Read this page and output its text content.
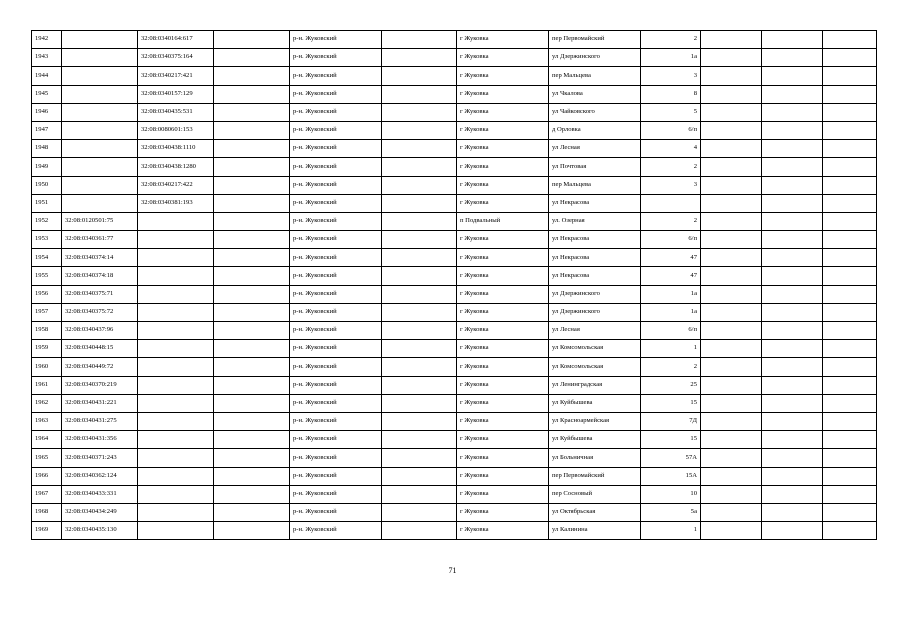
1942		32:08:0340164:617		р-н. Жуковский		г Жуковка	пер Первомайский	2			
1943		32:08:0340375:164		р-н. Жуковский		г Жуковка	ул Дзержинского	1а			
1944		32:08:0340217:421		р-н. Жуковский		г Жуковка	пер Мальцева	3			
1945		32:08:0340157:129		р-н. Жуковский		г Жуковка	ул Чкалова	8			
1946		32:08:0340435:531		р-н. Жуковский		г Жуковка	ул Чайковского	5			
1947		32:08:0080601:153		р-н. Жуковский		г Жуковка	д Орловка	6/п			
1948		32:08:0340438:1110		р-н. Жуковский		г Жуковка	ул Лесная	4			
1949		32:08:0340438:1280		р-н. Жуковский		г Жуковка	ул Почтовая	2			
1950		32:08:0340217:422		р-н. Жуковский		г Жуковка	пер Мальцева	3			
1951		32:08:0340381:193		р-н. Жуковский		г Жуковка	ул Некрасова				
1952	32:08:0120501:75			р-н. Жуковский		п Подвальный	ул. Озерная	2			
1953	32:08:0340361:77			р-н. Жуковский		г Жуковка	ул Некрасова	6/п			
1954	32:08:0340374:14			р-н. Жуковский		г Жуковка	ул Некрасова	47			
1955	32:08:0340374:18			р-н. Жуковский		г Жуковка	ул Некрасова	47			
1956	32:08:0340375:71			р-н. Жуковский		г Жуковка	ул Дзержинского	1а			
1957	32:08:0340375:72			р-н. Жуковский		г Жуковка	ул Дзержинского	1а			
1958	32:08:0340437:96			р-н. Жуковский		г Жуковка	ул Лесная	6/п			
1959	32:08:0340448:15			р-н. Жуковский		г Жуковка	ул Комсомольская	1			
1960	32:08:0340449:72			р-н. Жуковский		г Жуковка	ул Комсомольская	2			
1961	32:08:0340370:219			р-н. Жуковский		г Жуковка	ул Ленинградская	25			
1962	32:08:0340431:221			р-н. Жуковский		г Жуковка	ул Куйбышева	15			
1963	32:08:0340431:275			р-н. Жуковский		г Жуковка	ул Красноармейская	7Д			
1964	32:08:0340431:356			р-н. Жуковский		г Жуковка	ул Куйбышева	15			
1965	32:08:0340371:243			р-н. Жуковский		г Жуковка	ул Больничная	57А			
1966	32:08:0340362:124			р-н. Жуковский		г Жуковка	пер Первомайский	15А			
1967	32:08:0340433:331			р-н. Жуковский		г Жуковка	пер Сосновый	10			
1968	32:08:0340434:249			р-н. Жуковский		г Жуковка	ул Октябрьская	5а			
1969	32:08:0340435:130			р-н. Жуковский		г Жуковка	ул Калинина	1			
71
